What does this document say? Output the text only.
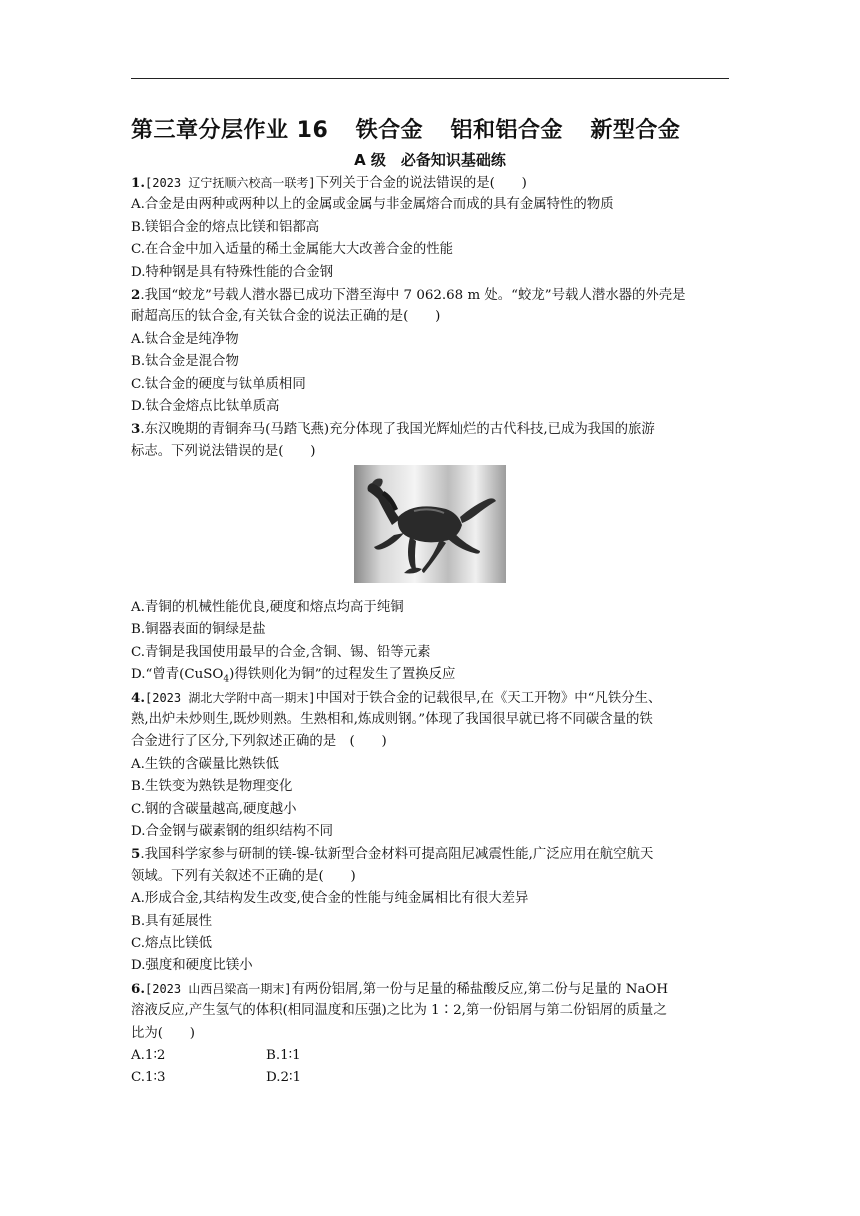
第三章分层作业 16　 铁合金　 铝和铝合金　 新型合金
A 级　必备知识基础练
1.[2023 辽宁抚顺六校高一联考]下列关于合金的说法错误的是(　　)
A.合金是由两种或两种以上的金属或金属与非金属熔合而成的具有金属特性的物质
B.镁铝合金的熔点比镁和铝都高
C.在合金中加入适量的稀土金属能大大改善合金的性能
D.特种钢是具有特殊性能的合金钢
2.我国“蛟龙”号载人潜水器已成功下潜至海中 7 062.68 m 处。“蛟龙”号载人潜水器的外壳是
耐超高压的钛合金,有关钛合金的说法正确的是(　　)
A.钛合金是纯净物
B.钛合金是混合物
C.钛合金的硬度与钛单质相同
D.钛合金熔点比钛单质高
3.东汉晚期的青铜奔马(马踏飞燕)充分体现了我国光辉灿烂的古代科技,已成为我国的旅游
标志。下列说法错误的是(　　)
A.青铜的机械性能优良,硬度和熔点均高于纯铜
B.铜器表面的铜绿是盐
C.青铜是我国使用最早的合金,含铜、锡、铅等元素
D.“曾青(CuSO$_4$)得铁则化为铜”的过程发生了置换反应
4.[2023 湖北大学附中高一期末]中国对于铁合金的记载很早,在《天工开物》中“凡铁分生、
熟,出炉未炒则生,既炒则熟。生熟相和,炼成则钢。”体现了我国很早就已将不同碳含量的铁
合金进行了区分,下列叙述正确的是　(　　)
A.生铁的含碳量比熟铁低
B.生铁变为熟铁是物理变化
C.钢的含碳量越高,硬度越小
D.合金钢与碳素钢的组织结构不同
5.我国科学家参与研制的镁-镍-钛新型合金材料可提高阻尼减震性能,广泛应用在航空航天
领域。下列有关叙述不正确的是(　　)
A.形成合金,其结构发生改变,使合金的性能与纯金属相比有很大差异
B.具有延展性
C.熔点比镁低
D.强度和硬度比镁小
6.[2023 山西吕梁高一期末]有两份铝屑,第一份与足量的稀盐酸反应,第二份与足量的 NaOH
溶液反应,产生氢气的体积(相同温度和压强)之比为 1∶2,第一份铝屑与第二份铝屑的质量之
比为(　　)
A.1∶2	B.1∶1
C.1∶3	D.2∶1
